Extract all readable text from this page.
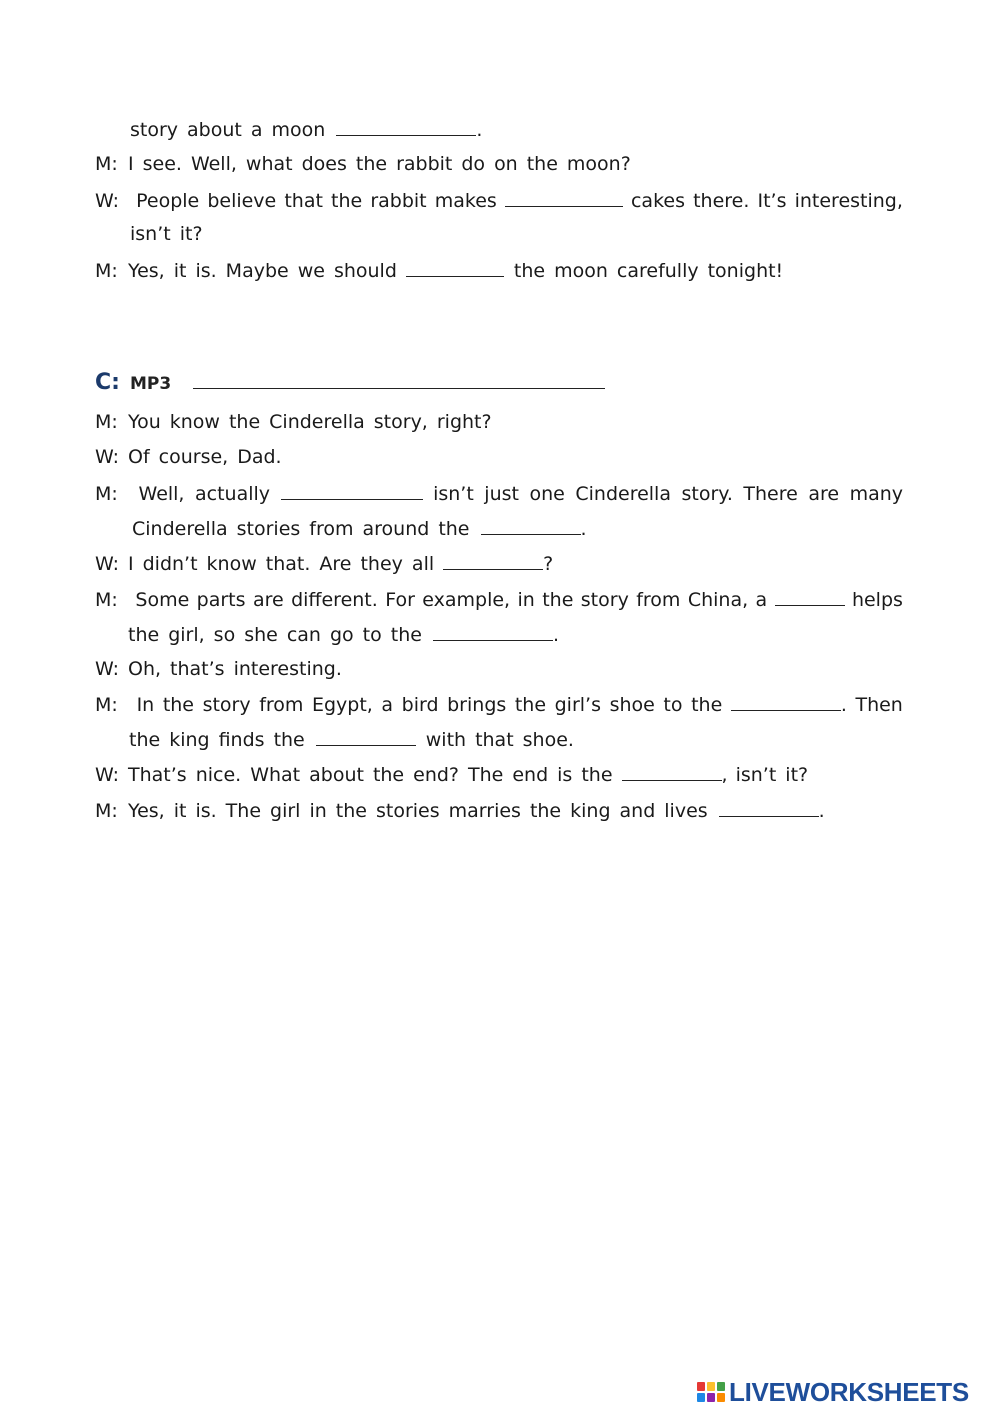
story about a moon	.
M: I see. Well, what does the rabbit do on the moon?
W: People believe that the rabbit makes	cakes there. It’s interesting,
isn’t it?
M: Yes, it is. Maybe we should	the moon carefully tonight!
C: MP3
M: You know the Cinderella story, right?
W: Of course, Dad.
M:	Well, actually	isn’t just one Cinderella story. There are many
Cinderella stories from around the	.
W: I didn’t know that. Are they all	?
M: Some parts are different. For example, in the story from China, a	helps
the girl, so she can go to the	.
W: Oh, that’s interesting.
M: In the story from Egypt, a bird brings the girl’s shoe to the	. Then
the king finds the	with that shoe.
W: That’s nice. What about the end? The end is the	, isn’t it?
M: Yes, it is. The girl in the stories marries the king and lives	.
LIVEWORKSHEETS
